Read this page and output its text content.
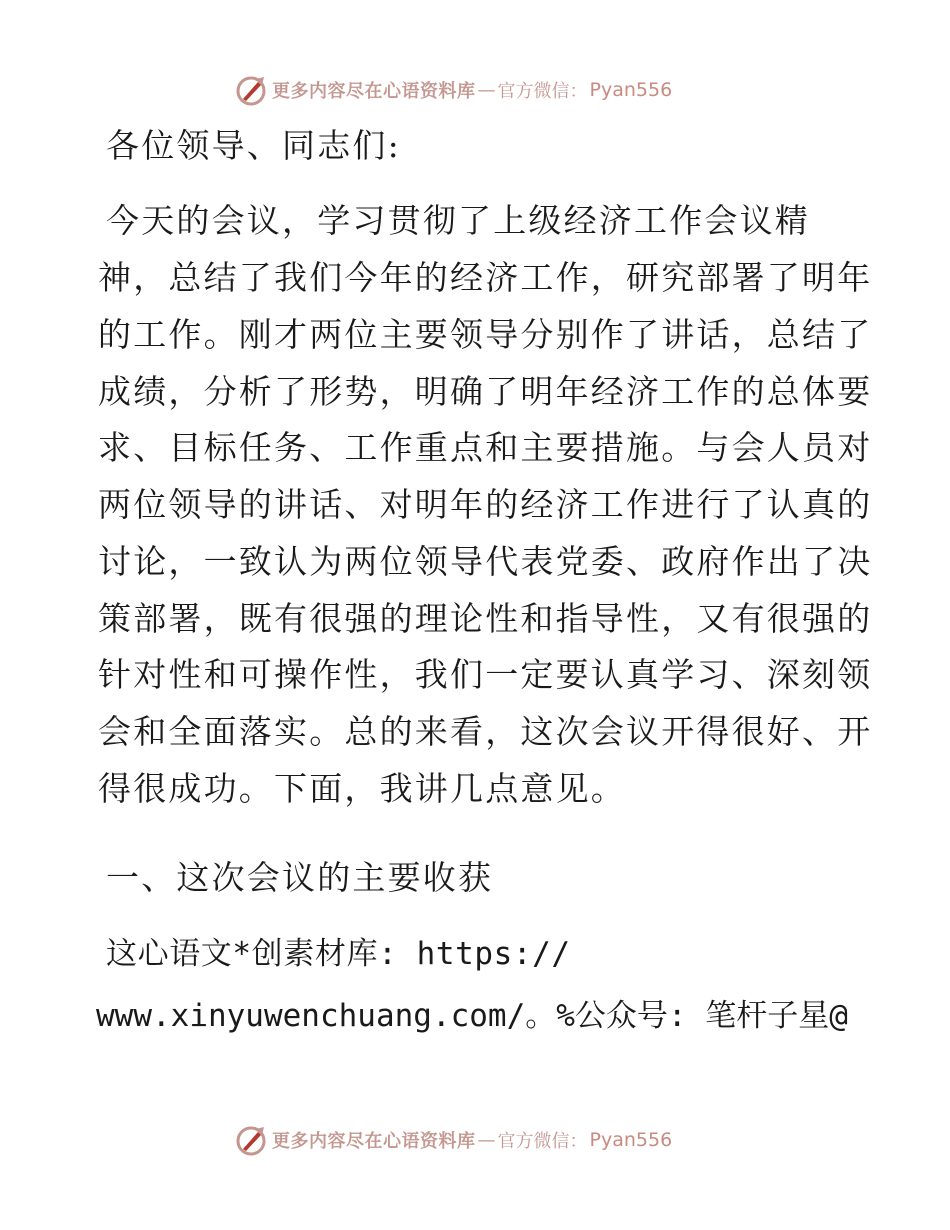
更多内容尽在心语资料库 — 官方微信： Pyan556
各位领导、同志们:
今天的会议，学习贯彻了上级经济工作会议精
神，总结了我们今年的经济工作，研究部署了明年
的工作。刚才两位主要领导分别作了讲话，总结了
成绩，分析了形势，明确了明年经济工作的总体要
求、目标任务、工作重点和主要措施。与会人员对
两位领导的讲话、对明年的经济工作进行了认真的
讨论，一致认为两位领导代表党委、政府作出了决
策部署，既有很强的理论性和指导性，又有很强的
针对性和可操作性，我们一定要认真学习、深刻领
会和全面落实。总的来看，这次会议开得很好、开
得很成功。下面，我讲几点意见。
一、这次会议的主要收获
这心语文*创素材库: https://
www.xinyuwenchuang.com/。%公众号: 笔杆子星@
更多内容尽在心语资料库 — 官方微信： Pyan556
